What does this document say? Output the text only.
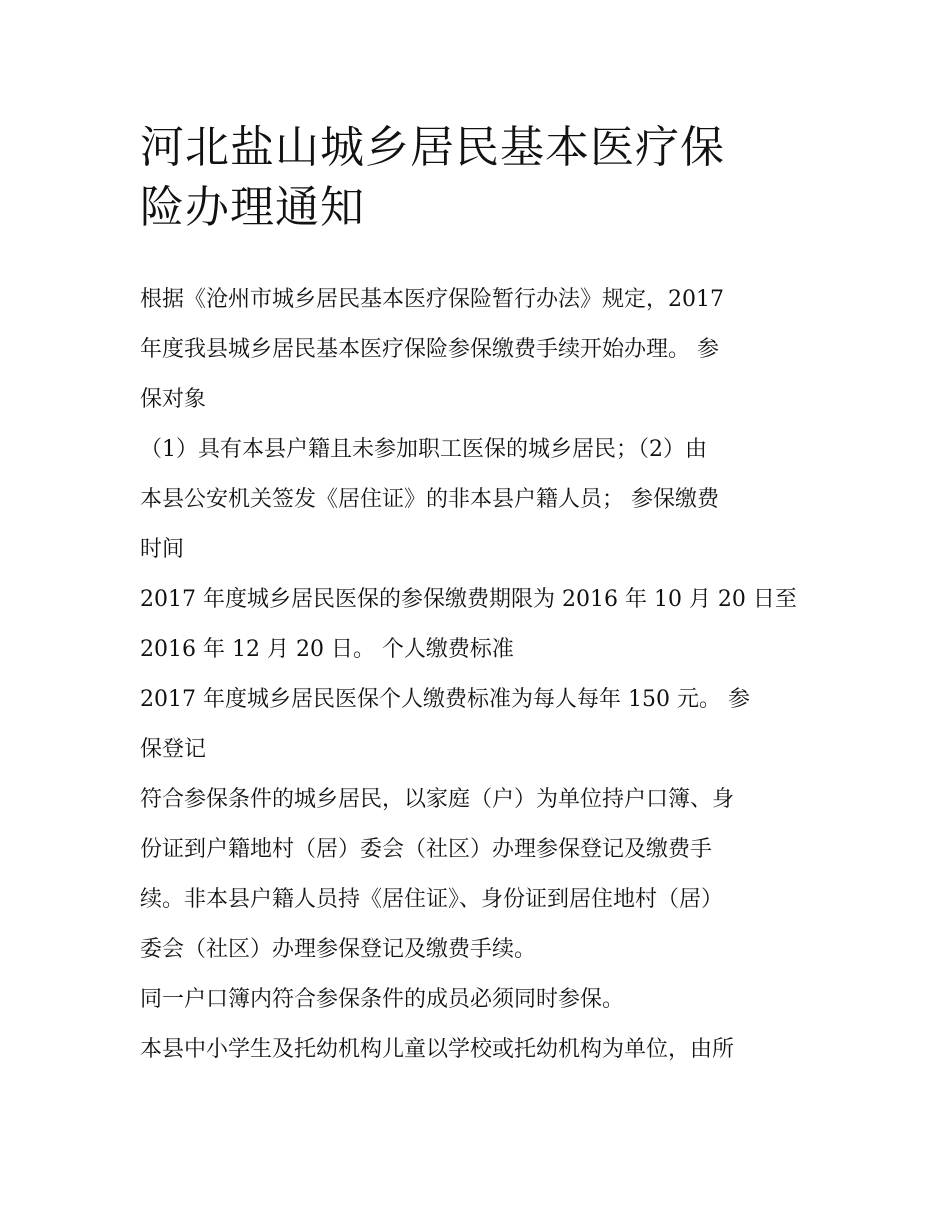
河北盐山城乡居民基本医疗保
险办理通知
根据《沧州市城乡居民基本医疗保险暂行办法》规定，2017
年度我县城乡居民基本医疗保险参保缴费手续开始办理。 参
保对象
（1）具有本县户籍且未参加职工医保的城乡居民；（2）由
本县公安机关签发《居住证》的非本县户籍人员； 参保缴费
时间
2017 年度城乡居民医保的参保缴费期限为 2016 年 10 月 20 日至
2016 年 12 月 20 日。 个人缴费标准
2017 年度城乡居民医保个人缴费标准为每人每年 150 元。 参
保登记
符合参保条件的城乡居民，以家庭（户）为单位持户口簿、身
份证到户籍地村（居）委会（社区）办理参保登记及缴费手
续。非本县户籍人员持《居住证》、身份证到居住地村（居）
委会（社区）办理参保登记及缴费手续。
同一户口簿内符合参保条件的成员必须同时参保。
本县中小学生及托幼机构儿童以学校或托幼机构为单位，由所
